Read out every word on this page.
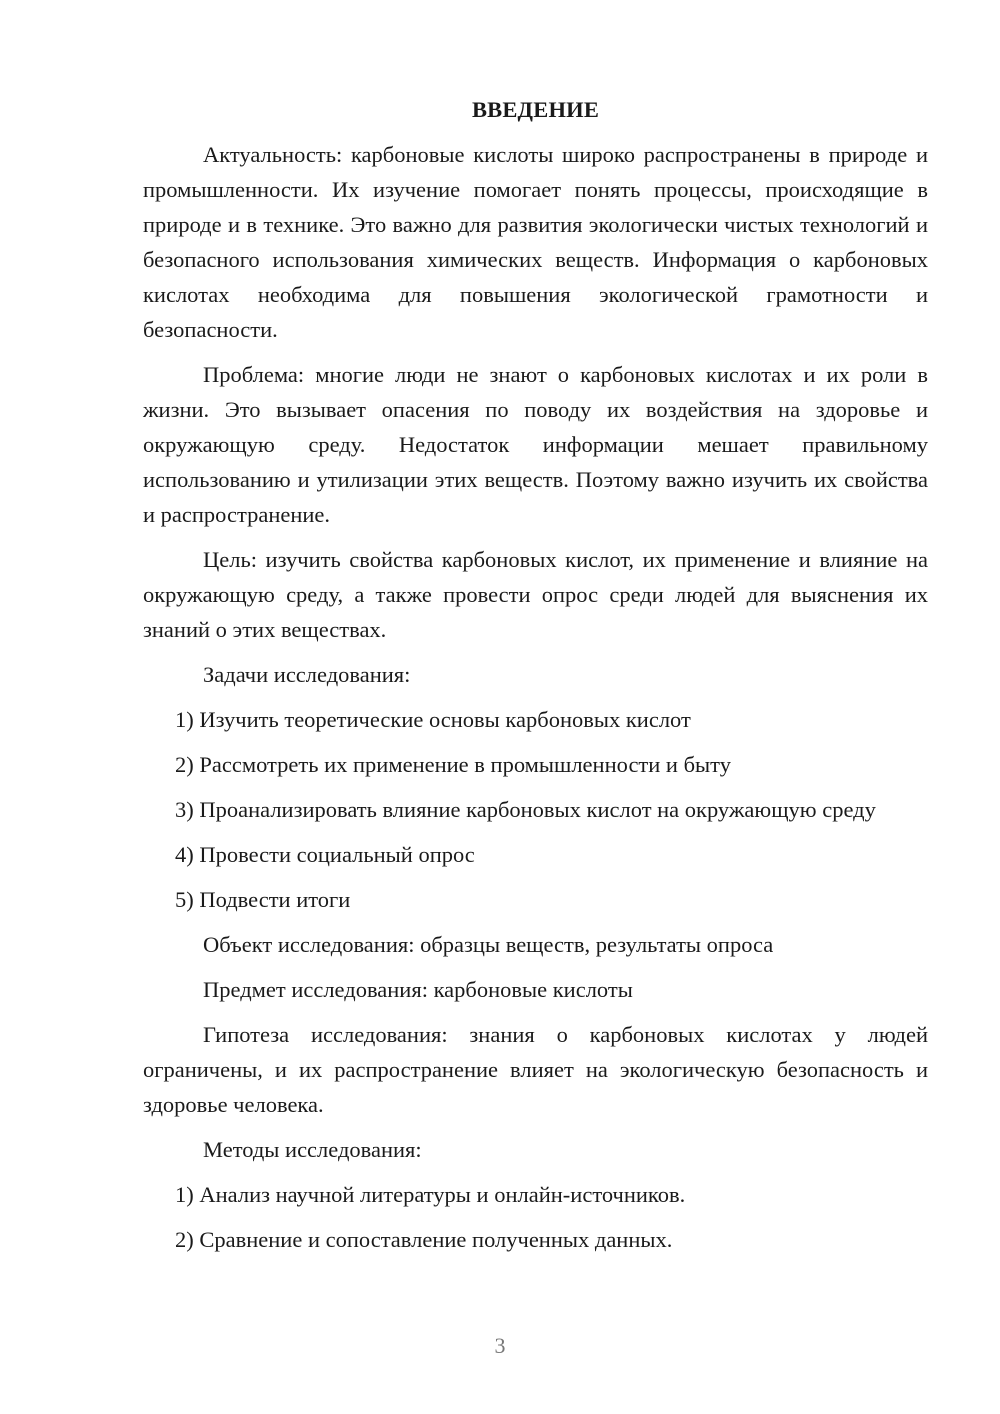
ВВЕДЕНИЕ

Актуальность: карбоновые кислоты широко распространены в природе и промышленности. Их изучение помогает понять процессы, происходящие в природе и в технике. Это важно для развития экологически чистых технологий и безопасного использования химических веществ. Информация о карбоновых кислотах необходима для повышения экологической грамотности и безопасности.

Проблема: многие люди не знают о карбоновых кислотах и их роли в жизни. Это вызывает опасения по поводу их воздействия на здоровье и окружающую среду. Недостаток информации мешает правильному использованию и утилизации этих веществ. Поэтому важно изучить их свойства и распространение.

Цель: изучить свойства карбоновых кислот, их применение и влияние на окружающую среду, а также провести опрос среди людей для выяснения их знаний о этих веществах.

Задачи исследования:

1) Изучить теоретические основы карбоновых кислот

2) Рассмотреть их применение в промышленности и быту

3) Проанализировать влияние карбоновых кислот на окружающую среду

4) Провести социальный опрос

5) Подвести итоги

Объект исследования: образцы веществ, результаты опроса

Предмет исследования: карбоновые кислоты

Гипотеза исследования: знания о карбоновых кислотах у людей ограничены, и их распространение влияет на экологическую безопасность и здоровье человека.

Методы исследования:

1) Анализ научной литературы и онлайн-источников.

2) Сравнение и сопоставление полученных данных.

3
